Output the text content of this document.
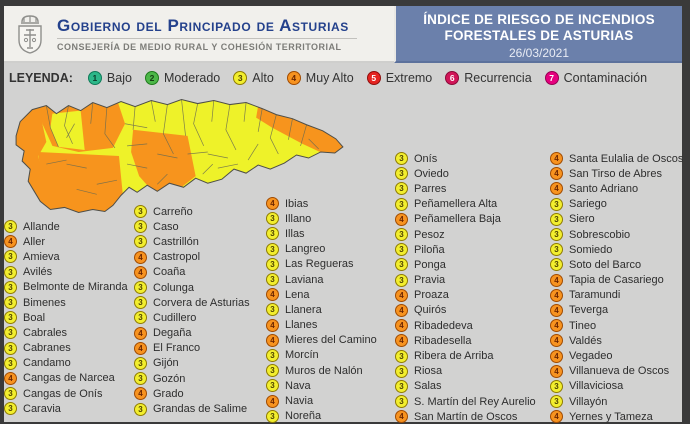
Gobierno del Principado de Asturias
CONSEJERÍA DE MEDIO RURAL Y COHESIÓN TERRITORIAL
ÍNDICE DE RIESGO DE INCENDIOS
FORESTALES DE ASTURIAS
26/03/2021
LEYENDA:	1 Bajo	2 Moderado	3 Alto	4 Muy Alto	5 Extremo	6 Recurrencia	7 Contaminación
3 Allande
4 Aller
3 Amieva
3 Avilés
3 Belmonte de Miranda
3 Bimenes
3 Boal
3 Cabrales
3 Cabranes
3 Candamo
4 Cangas de Narcea
3 Cangas de Onís
3 Caravia
3 Carreño
3 Caso
3 Castrillón
4 Castropol
4 Coaña
3 Colunga
3 Corvera de Asturias
3 Cudillero
4 Degaña
4 El Franco
3 Gijón
3 Gozón
4 Grado
3 Grandas de Salime
4 Ibias
3 Illano
3 Illas
3 Langreo
3 Las Regueras
3 Laviana
4 Lena
3 Llanera
4 Llanes
4 Mieres del Camino
3 Morcín
3 Muros de Nalón
3 Nava
4 Navia
3 Noreña
3 Onís
3 Oviedo
3 Parres
3 Peñamellera Alta
4 Peñamellera Baja
3 Pesoz
3 Piloña
3 Ponga
3 Pravia
4 Proaza
4 Quirós
4 Ribadedeva
4 Ribadesella
3 Ribera de Arriba
3 Riosa
3 Salas
3 S. Martín del Rey Aurelio
4 San Martín de Oscos
4 Santa Eulalia de Oscos
4 San Tirso de Abres
4 Santo Adriano
3 Sariego
3 Siero
3 Sobrescobio
3 Somiedo
3 Soto del Barco
4 Tapia de Casariego
4 Taramundi
4 Teverga
4 Tineo
4 Valdés
4 Vegadeo
4 Villanueva de Oscos
3 Villaviciosa
3 Villayón
4 Yernes y Tameza
